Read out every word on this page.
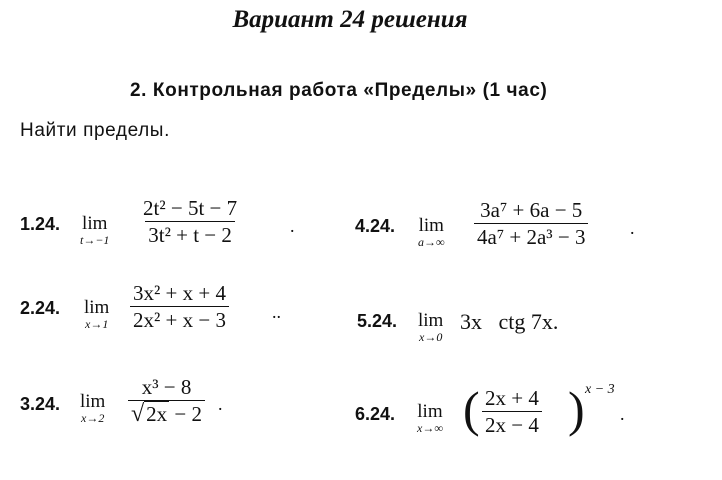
Вариант 24 решения
2. Контрольная работа «Пределы» (1 час)
Найти пределы.
1.24. lim
$t\to-1 \frac{\text{2t² − 5t − 7}}{\text{3t² + t − 2}}$	.
2.24. lim
$x\to 1 \frac{\text{3x² + x + 4}}{\text{2x² + x − 3}}$ ..
3.24. lim
$x\to 2 \frac{\text{x³ − 8}}{√2x - 2}$ .
4.24. lim
$a\to\infty \frac{\text{3a⁷ + 6a − 5}}{\text{4a⁷ + 2a³ − 3}}$ .
5.24. lim
x→0
3x   ctg 7x.
6.24. lim
x→∞ ( $\frac{2x + 4}{2x - 4}$ ) x − 3
.
